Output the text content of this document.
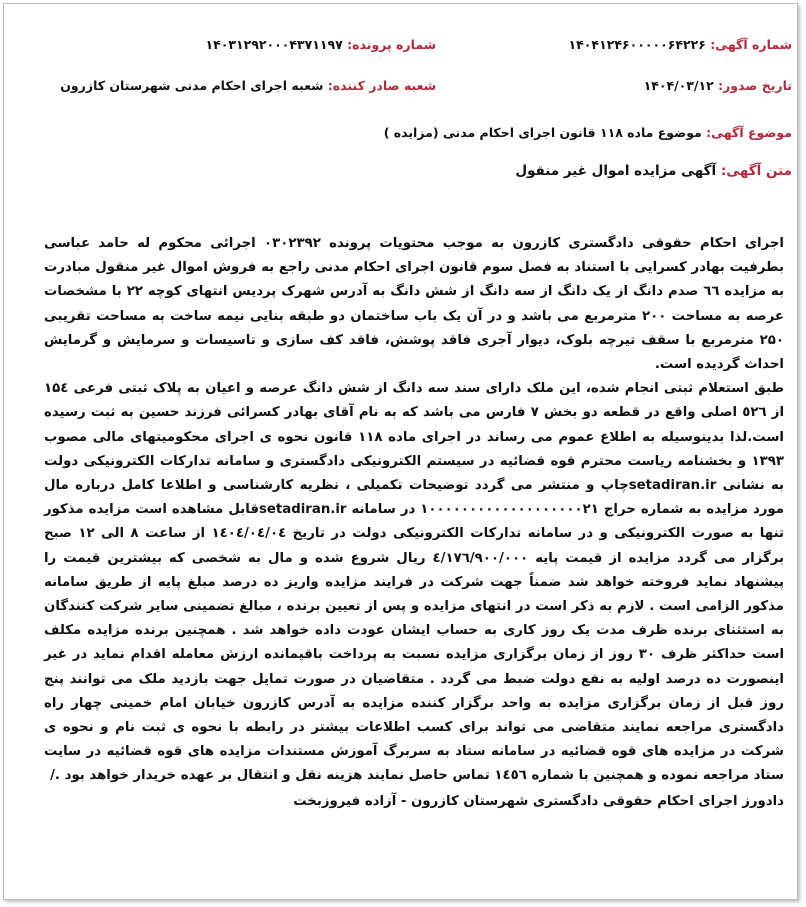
شماره آگهی: ۱۴۰۴۱۲۴۶۰۰۰۰۰۶۴۲۲۶
شماره پرونده: ۱۴۰۳۱۲۹۲۰۰۰۴۳۷۱۱۹۷
تاریخ صدور: ۱۴۰۴/۰۳/۱۲
شعبه صادر کننده: شعبه اجرای احکام مدنی شهرستان کازرون
موضوع آگهی: موضوع ماده ۱۱۸ قانون اجرای احکام مدنی (مزایده )
متن آگهی: آگهی مزایده اموال غیر منقول

اجرای احکام حقوقی دادگستری کازرون به موجب محتویات پرونده ۰۳۰۲۳۹۲ اجرائی محکوم له حامد عباسی بطرفیت بهادر کسرایی با استناد به فصل سوم قانون اجرای احکام مدنی راجع به فروش اموال غیر منقول مبادرت به مزایده ٦٦ صدم دانگ از یک دانگ از سه دانگ از شش دانگ به آدرس شهرک پردیس انتهای کوچه ۲۲ با مشخصات عرصه به مساحت ۲۰۰ مترمربع می باشد و در آن یک باب ساختمان دو طبقه بنایی نیمه ساخت به مساحت تقریبی ۲۵۰ مترمربع با سقف تیرچه بلوک، دیوار آجری فاقد پوشش، فاقد کف سازی و تاسیسات و سرمایش و گرمایش احداث گردیده است.

طبق استعلام ثبتی انجام شده، این ملک دارای سند سه دانگ از شش دانگ عرصه و اعیان به پلاک ثبتی فرعی ۱۵٤ از ٥۲٦ اصلی واقع در قطعه دو بخش ۷ فارس می باشد که به نام آقای بهادر کسرائی فرزند حسین به ثبت رسیده است.لذا بدینوسیله به اطلاع عموم می رساند در اجرای ماده ۱۱۸ قانون نحوه ی اجرای محکومیتهای مالی مصوب ۱۳۹۳ و بخشنامه ریاست محترم قوه قضائیه در سیستم الکترونیکی دادگستری و سامانه تدارکات الکترونیکی دولت به نشانی setadiran.irچاپ و منتشر می گردد توضیحات تکمیلی ، نظریه کارشناسی و اطلاعا کامل درباره مال مورد مزایده به شماره حراج ۱۰۰۰۰۰۰۰۰۰۰۰۰۰۰۰۰۰۰۰۲۱ در سامانه setadiran.irقابل مشاهده است مزایده مذکور تنها به صورت الکترونیکی و در سامانه تدارکات الکترونیکی دولت در تاریخ ۱٤۰٤/۰٤/۰٤ از ساعت ۸ الی ۱۲ صبح برگزار می گردد مزایده از قیمت پایه ٤/۱۷٦/۹۰۰/۰۰۰ ریال شروع شده و مال به شخصی که بیشترین قیمت را پیشنهاد نماید فروخته خواهد شد ضمناً جهت شرکت در فرایند مزایده واریز ده درصد مبلغ پایه از طریق سامانه مذکور الزامی است . لازم به ذکر است در انتهای مزایده و پس از تعیین برنده ، مبالغ تضمینی سایر شرکت کنندگان به استثنای برنده ظرف مدت یک روز کاری به حساب ایشان عودت داده خواهد شد . همچنین برنده مزایده مکلف است حداکثر ظرف ۳۰ روز از زمان برگزاری مزایده نسبت به پرداخت باقیمانده ارزش معامله اقدام نماید در غیر اینصورت ده درصد اولیه به نفع دولت ضبط می گردد . متقاضیان در صورت تمایل جهت بازدید ملک می توانند پنج روز قبل از زمان برگزاری مزایده به واحد برگزار کننده مزایده به آدرس کازرون خیابان امام خمینی چهار راه دادگستری مراجعه نمایند متقاضی می تواند برای کسب اطلاعات بیشتر در رابطه با نحوه ی ثبت نام و نحوه ی شرکت در مزایده های قوه قضائیه در سامانه ستاد به سربرگ آموزش مستندات مزایده های قوه قضائیه در سایت ستاد مراجعه نموده و همچنین با شماره ۱٤٥٦ تماس حاصل نمایند هزینه نقل و انتقال بر عهده خریدار خواهد بود ./

دادورز اجرای احکام حقوقی دادگستری شهرستان کازرون - آزاده فیروزبخت
